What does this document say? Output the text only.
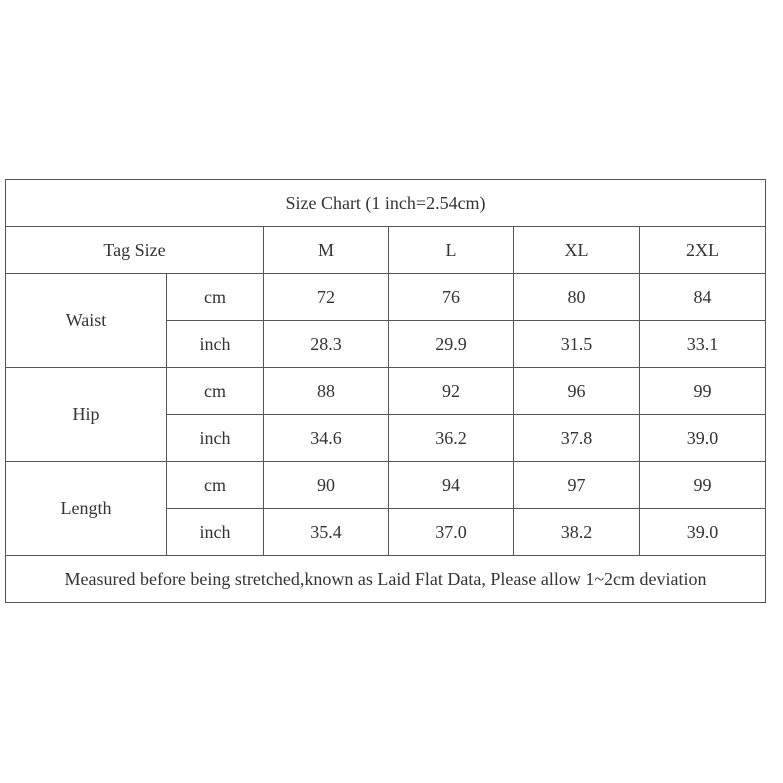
Size Chart (1 inch=2.54cm)					
Tag Size		M	L	XL	2XL
Waist	cm	72	76	80	84
	inch	28.3	29.9	31.5	33.1
Hip	cm	88	92	96	99
	inch	34.6	36.2	37.8	39.0
Length	cm	90	94	97	99
	inch	35.4	37.0	38.2	39.0
Measured before being stretched,known as Laid Flat Data, Please allow 1~2cm deviation					
